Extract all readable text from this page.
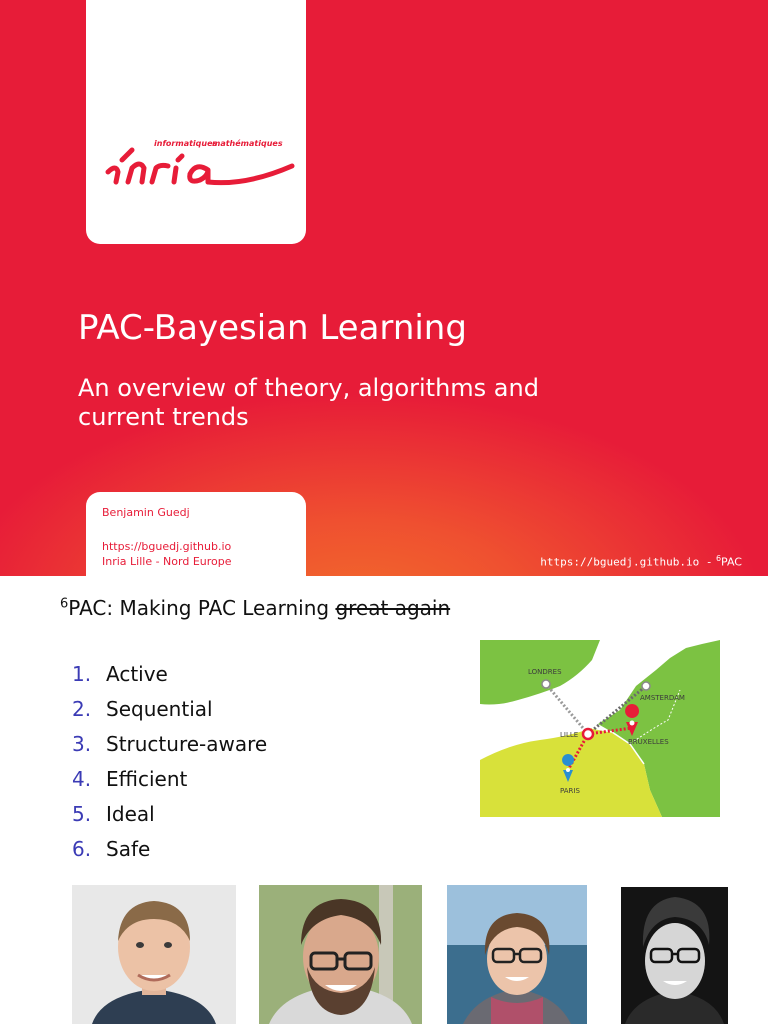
informatiques
mathématiques
Inria
PAC-Bayesian Learning

An overview of theory, algorithms and current trends

Benjamin Guedj
https://bguedj.github.io
Inria Lille - Nord Europe	https://bguedj.github.io - $^6$PAC
$^6$PAC: Making PAC Learning great again
1. Active
2. Sequential
3. Structure-aware
4. Efficient
5. Ideal
6. Safe
LONDRES
AMSTERDAM
LILLE
BRUXELLES
PARIS
